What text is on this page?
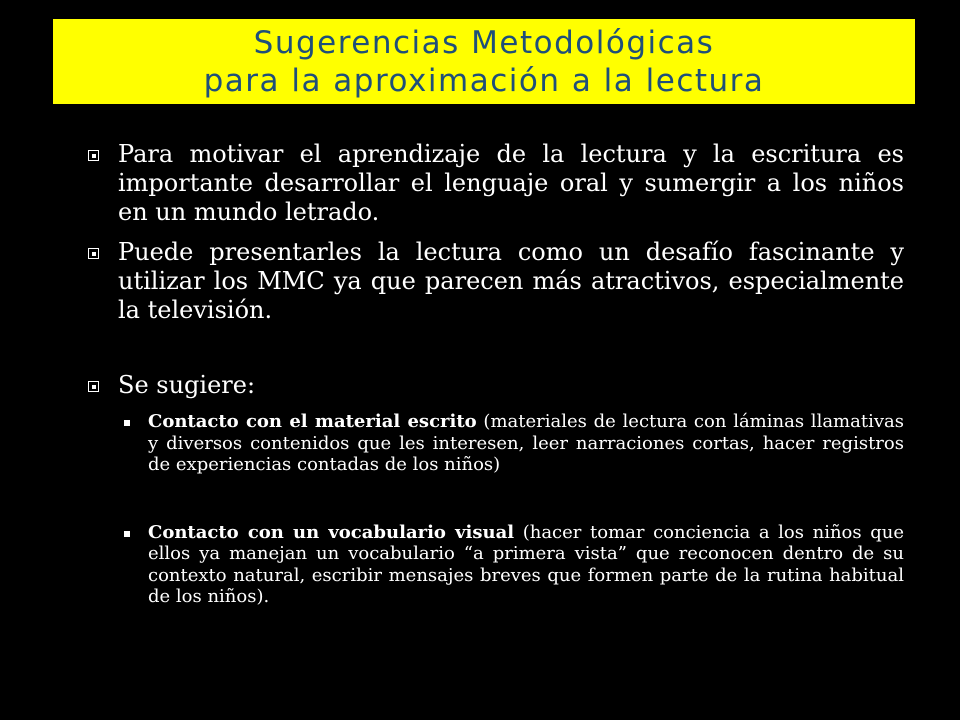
Sugerencias Metodológicas
para la aproximación a la lectura
Para motivar el aprendizaje de la lectura y la escritura es importante desarrollar el lenguaje oral y sumergir a los niños en un mundo letrado.
Puede presentarles la lectura como un desafío fascinante y utilizar los MMC ya que parecen más atractivos, especialmente la televisión.
Se sugiere:
Contacto con el material escrito (materiales de lectura con láminas llamativas y diversos contenidos que les interesen, leer narraciones cortas, hacer registros de experiencias contadas de los niños)
Contacto con un vocabulario visual (hacer tomar conciencia a los niños que ellos ya manejan un vocabulario “a primera vista” que reconocen dentro de su contexto natural, escribir mensajes breves que formen parte de la rutina habitual de los niños).
